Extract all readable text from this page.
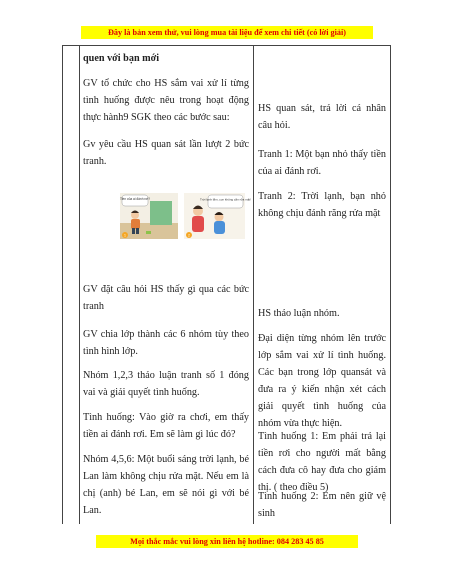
Đây là bản xem thử, vui lòng mua tài liệu để xem chi tiết (có lời giải)

quen với bạn mới

GV tổ chức cho HS sắm vai xử lí từng tình huống được nêu trong hoạt động thực hành9 SGK theo các bước sau:

Gv yêu cầu HS quan sát lần lượt 2 bức tranh.

GV đặt câu hỏi HS thấy gì qua các bức tranh

GV chia lớp thành các 6 nhóm tùy theo tình hình lớp.

Nhóm 1,2,3 thảo luận tranh số 1 đóng vai và giải quyết tình huống.

Tình huống: Vào giờ ra chơi, em thấy tiền ai đánh rơi. Em sẽ làm gì lúc đó?

Nhóm 4,5,6: Một buổi sáng trời lạnh, bé Lan làm không chịu rửa mặt. Nếu em là chị (anh) bé Lan, em sẽ nói gì với bé Lan.

HS quan sát, trả lời cá nhân câu hỏi.

Tranh 1: Một bạn nhỏ thấy tiền của ai đánh rơi.

Tranh 2: Trời lạnh, bạn nhỏ không chịu đánh răng rửa mặt

HS thảo luận nhóm.

Đại diện từng nhóm lên trước lớp sắm vai xử lí tình huống. Các bạn trong lớp quansát và đưa ra ý kiến nhận xét cách giải quyết tình huống của nhóm vừa thực hiện.

Tình huống 1: Em phải trả lại tiền rơi cho người mất bằng cách đưa cô hay đưa cho giám thị. ( theo điều 5)

Tình huống 2: Em nên giữ vệ sinh

Tiền của ai đánh rơi?
1
Trời lạnh lắm, con không cần rửa mặt!
2
Mọi thắc mắc vui lòng xin liên hệ hotline: 084 283 45 85
